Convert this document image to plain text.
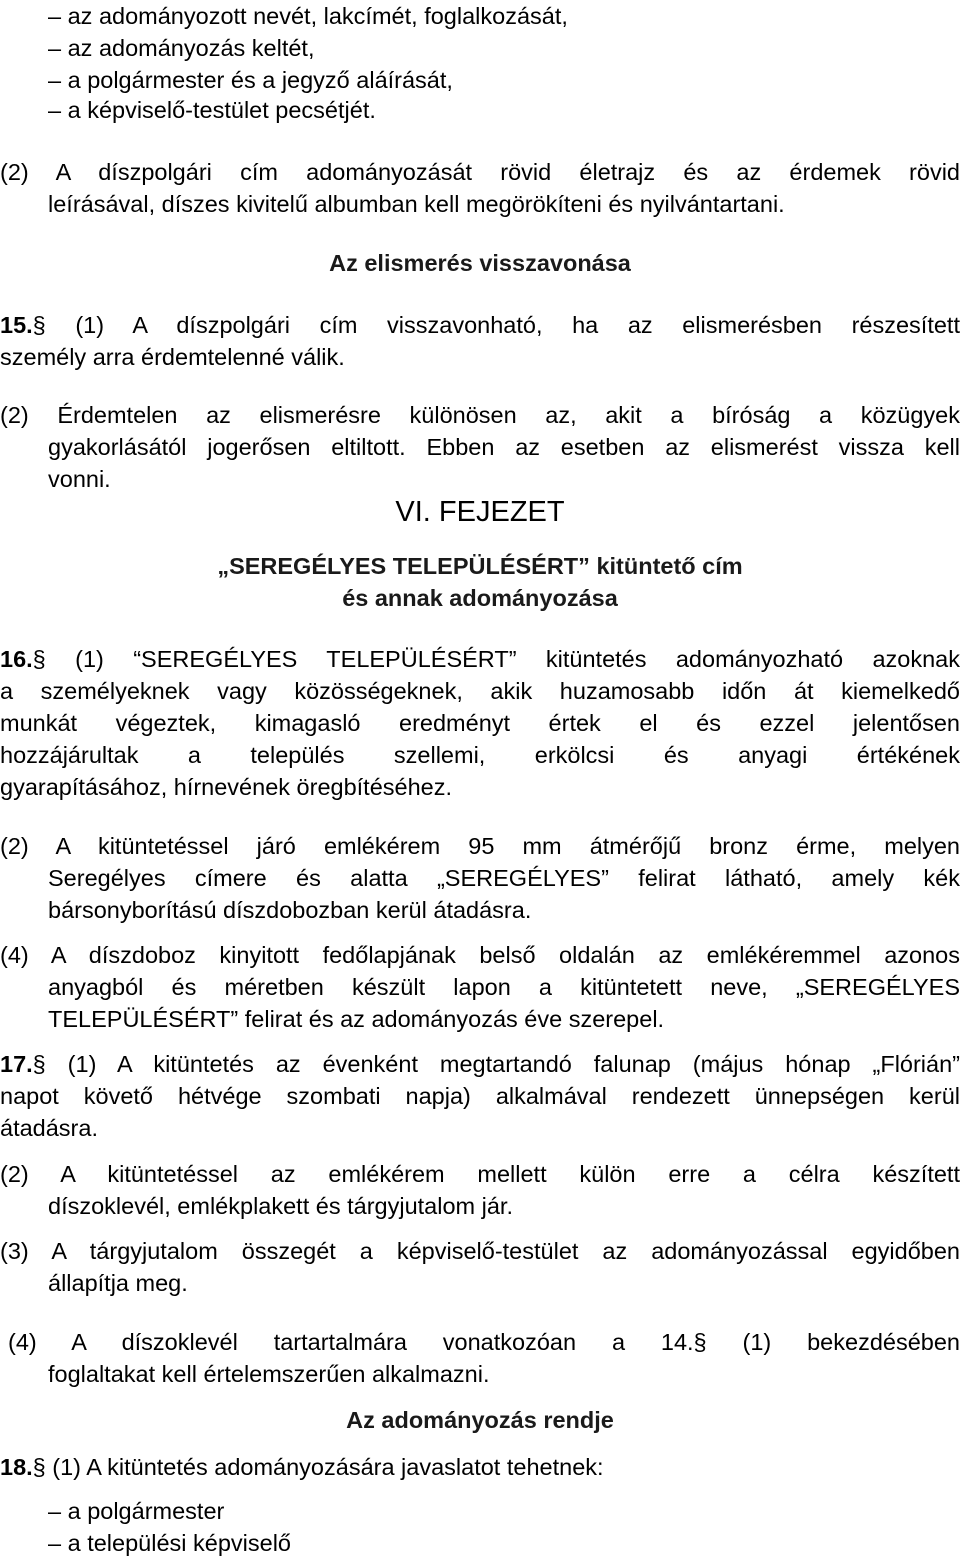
– az adományozott nevét, lakcímét, foglalkozását,
– az adományozás keltét,
– a polgármester és a jegyző aláírását,
– a képviselő-testület pecsétjét.
(2) A díszpolgári cím adományozását rövid életrajz és az érdemek rövid
leírásával, díszes kivitelű albumban kell megörökíteni és nyilvántartani.
Az elismerés visszavonása
15.§ (1) A díszpolgári cím visszavonható, ha az elismerésben részesített
személy arra érdemtelenné válik.
(2) Érdemtelen az elismerésre különösen az, akit a bíróság a közügyek
gyakorlásától jogerősen eltiltott. Ebben az esetben az elismerést vissza kell
vonni.
VI. FEJEZET
„SEREGÉLYES TELEPÜLÉSÉRT” kitüntető cím
és annak adományozása
16.§ (1) “SEREGÉLYES TELEPÜLÉSÉRT” kitüntetés adományozható azoknak
a személyeknek vagy közösségeknek, akik huzamosabb időn át kiemelkedő
munkát végeztek, kimagasló eredményt értek el és ezzel jelentősen
hozzájárultak a település szellemi, erkölcsi és anyagi értékének
gyarapításához, hírnevének öregbítéséhez.
(2) A kitüntetéssel járó emlékérem 95 mm átmérőjű bronz érme, melyen
Seregélyes címere és alatta „SEREGÉLYES” felirat látható, amely kék
bársonyborítású díszdobozban kerül átadásra.
(4) A díszdoboz kinyitott fedőlapjának belső oldalán az emlékéremmel azonos
anyagból és méretben készült lapon a kitüntetett neve, „SEREGÉLYES
TELEPÜLÉSÉRT” felirat és az adományozás éve szerepel.
17.§ (1) A kitüntetés az évenként megtartandó falunap (május hónap „Flórián”
napot követő hétvége szombati napja) alkalmával rendezett ünnepségen kerül
átadásra.
(2) A kitüntetéssel az emlékérem mellett külön erre a célra készített
díszoklevél, emlékplakett és tárgyjutalom jár.
(3) A tárgyjutalom összegét a képviselő-testület az adományozással egyidőben
állapítja meg.
(4) A díszoklevél tartartalmára vonatkozóan a 14.§ (1) bekezdésében
foglaltakat kell értelemszerűen alkalmazni.
Az adományozás rendje
18.§ (1) A kitüntetés adományozására javaslatot tehetnek:
– a polgármester
– a települési képviselő
